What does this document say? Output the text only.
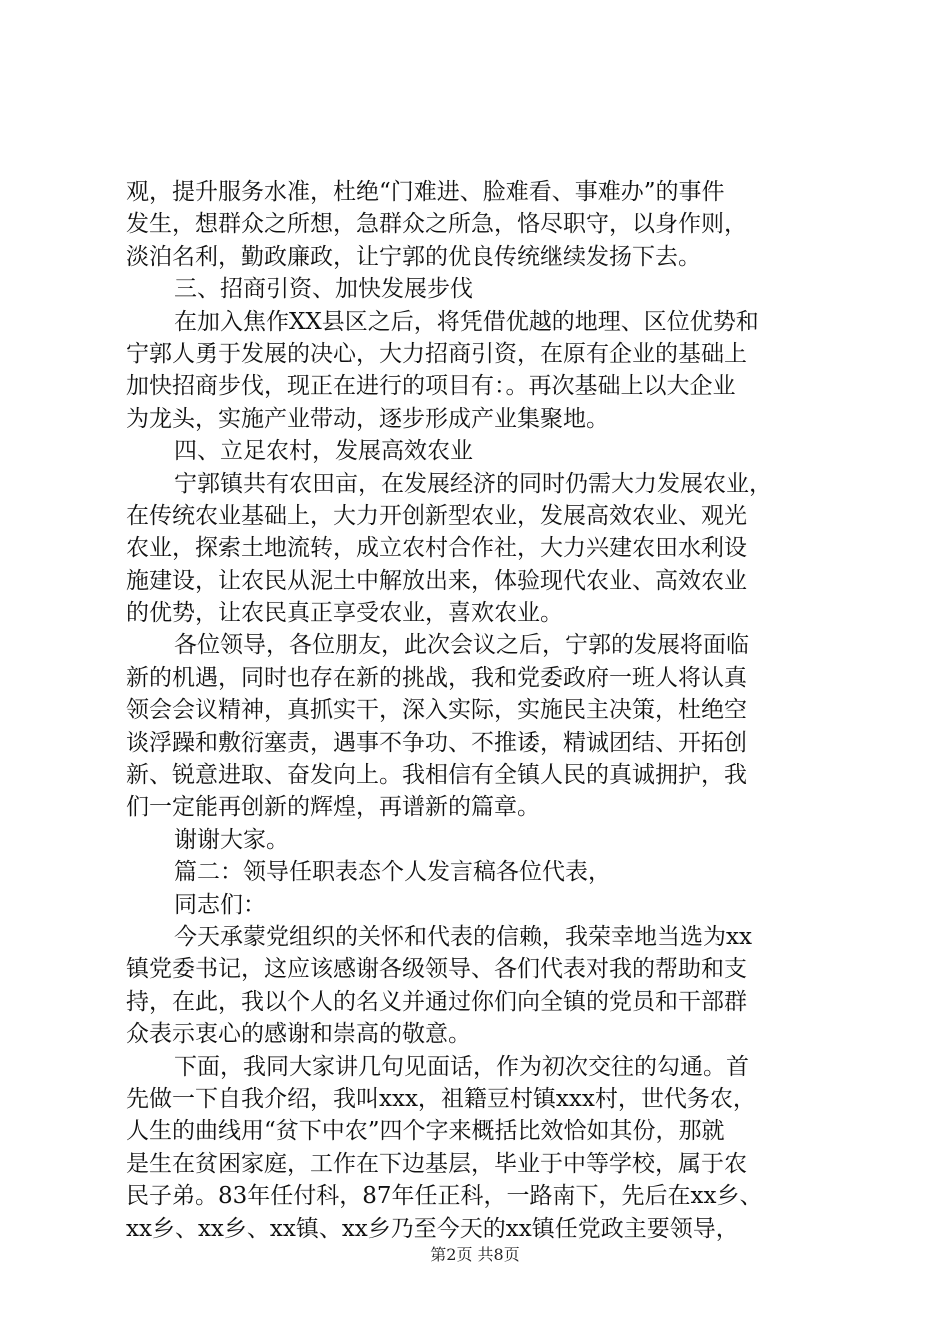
观，提升服务水准，杜绝“门难进、脸难看、事难办”的事件
发生，想群众之所想，急群众之所急，恪尽职守，以身作则，
淡泊名利，勤政廉政，让宁郭的优良传统继续发扬下去。
三、招商引资、加快发展步伐
在加入焦作XX县区之后，将凭借优越的地理、区位优势和
宁郭人勇于发展的决心，大力招商引资，在原有企业的基础上
加快招商步伐，现正在进行的项目有：。再次基础上以大企业
为龙头，实施产业带动，逐步形成产业集聚地。
四、立足农村，发展高效农业
宁郭镇共有农田亩，在发展经济的同时仍需大力发展农业，
在传统农业基础上，大力开创新型农业，发展高效农业、观光
农业，探索土地流转，成立农村合作社，大力兴建农田水利设
施建设，让农民从泥土中解放出来，体验现代农业、高效农业
的优势，让农民真正享受农业，喜欢农业。
各位领导，各位朋友，此次会议之后，宁郭的发展将面临
新的机遇，同时也存在新的挑战，我和党委政府一班人将认真
领会会议精神，真抓实干，深入实际，实施民主决策，杜绝空
谈浮躁和敷衍塞责，遇事不争功、不推诿，精诚团结、开拓创
新、锐意进取、奋发向上。我相信有全镇人民的真诚拥护，我
们一定能再创新的辉煌，再谱新的篇章。
谢谢大家。
篇二：领导任职表态个人发言稿各位代表，
同志们：
今天承蒙党组织的关怀和代表的信赖，我荣幸地当选为xx
镇党委书记，这应该感谢各级领导、各们代表对我的帮助和支
持，在此，我以个人的名义并通过你们向全镇的党员和干部群
众表示衷心的感谢和崇高的敬意。
下面，我同大家讲几句见面话，作为初次交往的勾通。首
先做一下自我介绍，我叫xxx，祖籍豆村镇xxx村，世代务农，
人生的曲线用“贫下中农”四个字来概括比效恰如其份，那就
是生在贫困家庭，工作在下边基层，毕业于中等学校，属于农
民子弟。83年任付科，87年任正科，一路南下，先后在xx乡、
xx乡、xx乡、xx镇、xx乡乃至今天的xx镇任党政主要领导，
第2页 共8页
